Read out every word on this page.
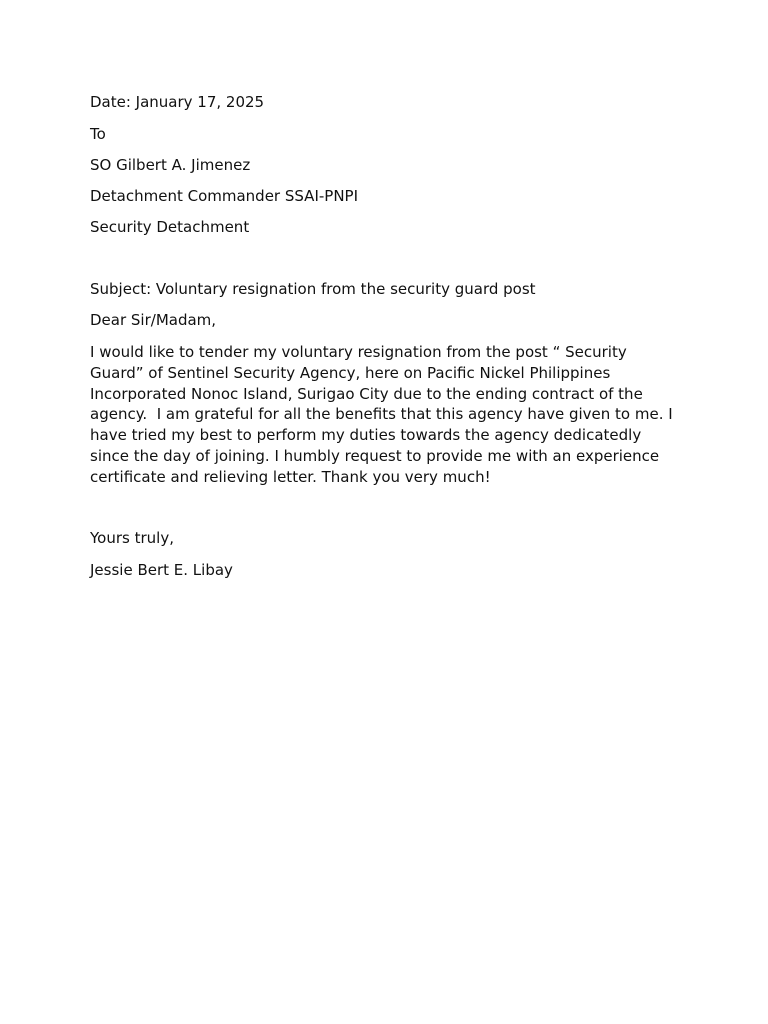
Date: January 17, 2025
To
SO Gilbert A. Jimenez
Detachment Commander SSAI-PNPI
Security Detachment
Subject: Voluntary resignation from the security guard post
Dear Sir/Madam,
I would like to tender my voluntary resignation from the post “ Security
Guard” of Sentinel Security Agency, here on Pacific Nickel Philippines
Incorporated Nonoc Island, Surigao City due to the ending contract of the
agency.  I am grateful for all the benefits that this agency have given to me. I
have tried my best to perform my duties towards the agency dedicatedly
since the day of joining. I humbly request to provide me with an experience
certificate and relieving letter. Thank you very much!
Yours truly,
Jessie Bert E. Libay
